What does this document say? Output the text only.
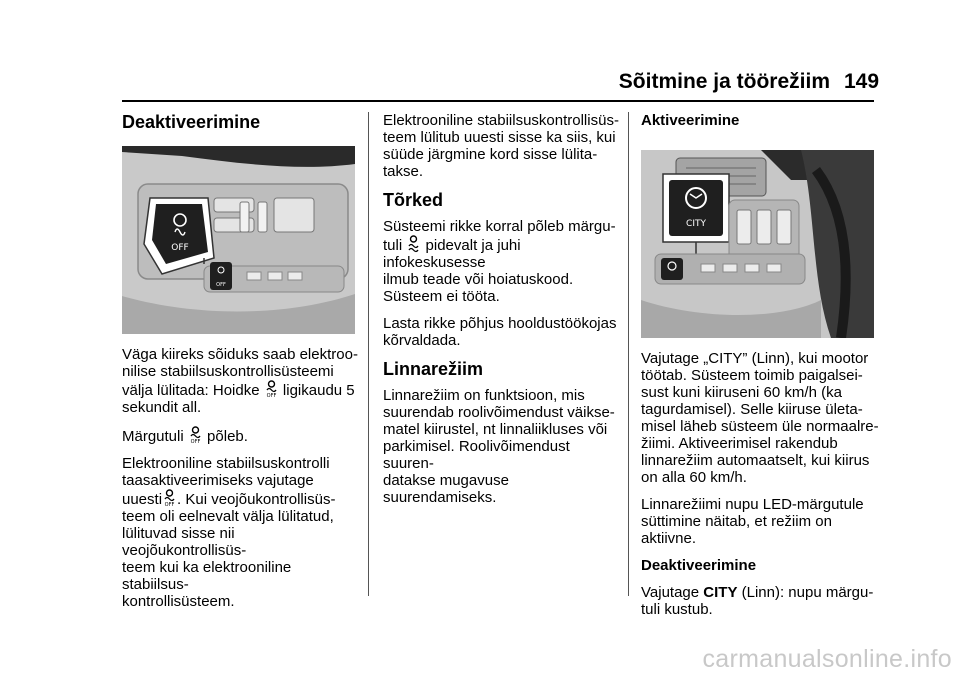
Sõitmine ja töörežiim 149
Deaktiveerimine
OFF
OFF

Väga kiireks sõiduks saab elektroo-
nilise stabiilsuskontrollisüsteemi
välja lülitada: Hoidke OFF ligikaudu 5
sekundit all.

Märgutuli OFF põleb.

Elektrooniline stabiilsuskontrolli
taasaktiveerimiseks vajutage
uuesti OFF . Kui veojõukontrollisüs-
teem oli eelnevalt välja lülitatud,
lülituvad sisse nii veojõukontrollisüs-
teem kui ka elektrooniline stabiilsus-
kontrollisüsteem.

Elektrooniline stabiilsuskontrollisüs-
teem lülitub uuesti sisse ka siis, kui
süüde järgmine kord sisse lülita-
takse.

Tõrked

Süsteemi rikke korral põleb märgu-
tuli pidevalt ja juhi infokeskusesse
ilmub teade või hoiatuskood.
Süsteem ei tööta.

Lasta rikke põhjus hooldustöökojas
kõrvaldada.

Linnarežiim

Linnarežiim on funktsioon, mis
suurendab roolivõimendust väikse-
matel kiirustel, nt linnaliikluses või
parkimisel. Roolivõimendust suuren-
datakse mugavuse suurendamiseks.

Aktiveerimine
CITY

Vajutage „CITY” (Linn), kui mootor
töötab. Süsteem toimib paigalsei-
sust kuni kiiruseni 60 km/h (ka
tagurdamisel). Selle kiiruse ületa-
misel läheb süsteem üle normaalre-
žiimi. Aktiveerimisel rakendub
linnarežiim automaatselt, kui kiirus
on alla 60 km/h.

Linnarežiimi nupu LED-märgutule
süttimine näitab, et režiim on
aktiivne.

Deaktiveerimine

Vajutage CITY (Linn): nupu märgu-
tuli kustub.

carmanualsonline.info
